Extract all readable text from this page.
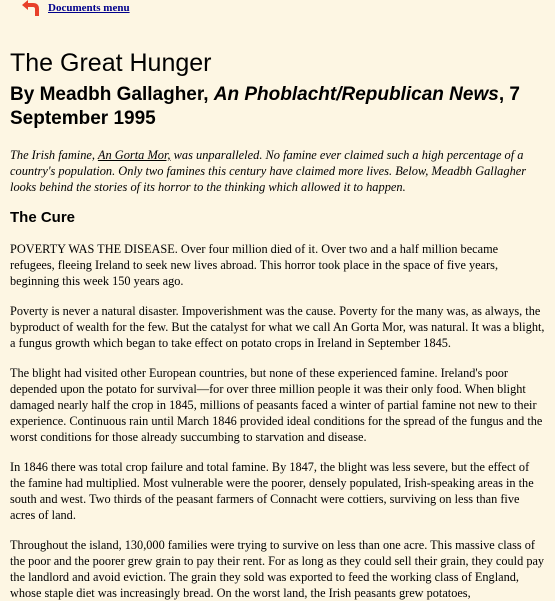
Documents menu
The Great Hunger
By Meadbh Gallagher, An Phoblacht/Republican News, 7 September 1995

The Irish famine, An Gorta Mor, was unparalleled. No famine ever claimed such a high percentage of a country's population. Only two famines this century have claimed more lives. Below, Meadbh Gallagher looks behind the stories of its horror to the thinking which allowed it to happen.

The Cure

POVERTY WAS THE DISEASE. Over four million died of it. Over two and a half million became refugees, fleeing Ireland to seek new lives abroad. This horror took place in the space of five years, beginning this week 150 years ago.

Poverty is never a natural disaster. Impoverishment was the cause. Poverty for the many was, as always, the byproduct of wealth for the few. But the catalyst for what we call An Gorta Mor, was natural. It was a blight, a fungus growth which began to take effect on potato crops in Ireland in September 1845.

The blight had visited other European countries, but none of these experienced famine. Ireland's poor depended upon the potato for survival—for over three million people it was their only food. When blight damaged nearly half the crop in 1845, millions of peasants faced a winter of partial famine not new to their experience. Continuous rain until March 1846 provided ideal conditions for the spread of the fungus and the worst conditions for those already succumbing to starvation and disease.

In 1846 there was total crop failure and total famine. By 1847, the blight was less severe, but the effect of the famine had multiplied. Most vulnerable were the poorer, densely populated, Irish-speaking areas in the south and west. Two thirds of the peasant farmers of Connacht were cottiers, surviving on less than five acres of land.

Throughout the island, 130,000 families were trying to survive on less than one acre. This massive class of the poor and the poorer grew grain to pay their rent. For as long as they could sell their grain, they could pay the landlord and avoid eviction. The grain they sold was exported to feed the working class of England, whose staple diet was increasingly bread. On the worst land, the Irish peasants grew potatoes,
